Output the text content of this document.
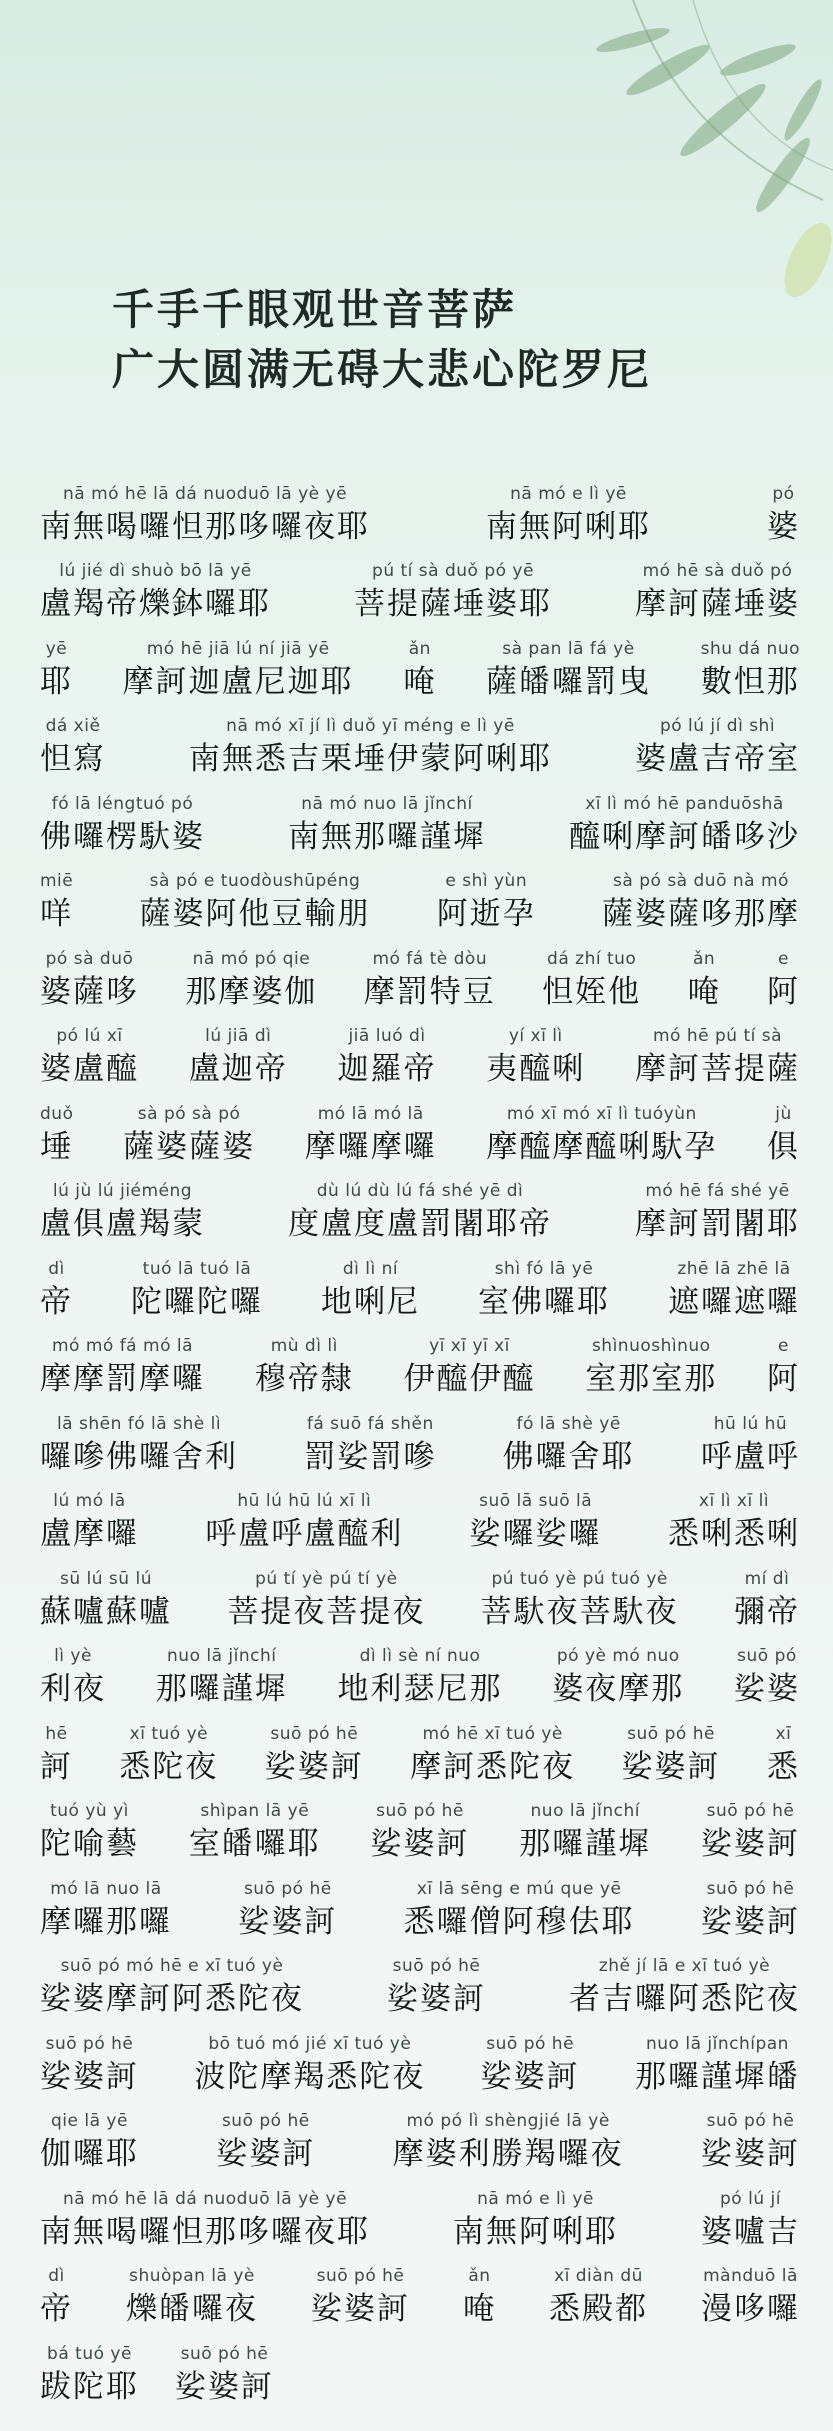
千手千眼观世音菩萨
广大圆满无碍大悲心陀罗尼
nā mó hē lā dá nuoduō lā yè yē
南無喝囉怛那哆囉夜耶
nā mó e lì yē
南無阿唎耶
pó
婆
lú jié dì shuò bō lā yē
盧羯帝爍鉢囉耶
pú tí sà duǒ pó yē
菩提薩埵婆耶
mó hē sà duǒ pó
摩訶薩埵婆
yē
耶
mó hē jiā lú ní jiā yē
摩訶迦盧尼迦耶
ǎn
唵
sà pan lā fá yè
薩皤囉罰曳
shu dá nuo
數怛那
dá xiě
怛寫
nā mó xī jí lì duǒ yī méng e lì yē
南無悉吉栗埵伊蒙阿唎耶
pó lú jí dì shì
婆盧吉帝室
fó lā léngtuó pó
佛囉楞馱婆
nā mó nuo lā jǐnchí
南無那囉謹墀
xī lì mó hē panduōshā
醯唎摩訶皤哆沙
miē
咩
sà pó e tuodòushūpéng
薩婆阿他豆輸朋
e shì yùn
阿逝孕
sà pó sà duō nà mó
薩婆薩哆那摩
pó sà duō
婆薩哆
nā mó pó qie
那摩婆伽
mó fá tè dòu
摩罰特豆
dá zhí tuo
怛姪他
ǎn
唵
e
阿
pó lú xī
婆盧醯
lú jiā dì
盧迦帝
jiā luó dì
迦羅帝
yí xī lì
夷醯唎
mó hē pú tí sà
摩訶菩提薩
duǒ
埵
sà pó sà pó
薩婆薩婆
mó lā mó lā
摩囉摩囉
mó xī mó xī lì tuóyùn
摩醯摩醯唎馱孕
jù
俱
lú jù lú jiéméng
盧俱盧羯蒙
dù lú dù lú fá shé yē dì
度盧度盧罰闍耶帝
mó hē fá shé yē
摩訶罰闍耶
dì
帝
tuó lā tuó lā
陀囉陀囉
dì lì ní
地唎尼
shì fó lā yē
室佛囉耶
zhē lā zhē lā
遮囉遮囉
mó mó fá mó lā
摩摩罰摩囉
mù dì lì
穆帝隸
yī xī yī xī
伊醯伊醯
shìnuoshìnuo
室那室那
e
阿
lā shēn fó lā shè lì
囉嘇佛囉舍利
fá suō fá shěn
罰娑罰嘇
fó lā shè yē
佛囉舍耶
hū lú hū
呼盧呼
lú mó lā
盧摩囉
hū lú hū lú xī lì
呼盧呼盧醯利
suō lā suō lā
娑囉娑囉
xī lì xī lì
悉唎悉唎
sū lú sū lú
蘇嚧蘇嚧
pú tí yè pú tí yè
菩提夜菩提夜
pú tuó yè pú tuó yè
菩馱夜菩馱夜
mí dì
彌帝
lì yè
利夜
nuo lā jǐnchí
那囉謹墀
dì lì sè ní nuo
地利瑟尼那
pó yè mó nuo
婆夜摩那
suō pó
娑婆
hē
訶
xī tuó yè
悉陀夜
suō pó hē
娑婆訶
mó hē xī tuó yè
摩訶悉陀夜
suō pó hē
娑婆訶
xī
悉
tuó yù yì
陀喻藝
shìpan lā yē
室皤囉耶
suō pó hē
娑婆訶
nuo lā jǐnchí
那囉謹墀
suō pó hē
娑婆訶
mó lā nuo lā
摩囉那囉
suō pó hē
娑婆訶
xī lā sēng e mú que yē
悉囉僧阿穆佉耶
suō pó hē
娑婆訶
suō pó mó hē e xī tuó yè
娑婆摩訶阿悉陀夜
suō pó hē
娑婆訶
zhě jí lā e xī tuó yè
者吉囉阿悉陀夜
suō pó hē
娑婆訶
bō tuó mó jié xī tuó yè
波陀摩羯悉陀夜
suō pó hē
娑婆訶
nuo lā jǐnchípan
那囉謹墀皤
qie lā yē
伽囉耶
suō pó hē
娑婆訶
mó pó lì shèngjié lā yè
摩婆利勝羯囉夜
suō pó hē
娑婆訶
nā mó hē lā dá nuoduō lā yè yē
南無喝囉怛那哆囉夜耶
nā mó e lì yē
南無阿唎耶
pó lú jí
婆嚧吉
dì
帝
shuòpan lā yè
爍皤囉夜
suō pó hē
娑婆訶
ǎn
唵
xī diàn dū
悉殿都
mànduō lā
漫哆囉
bá tuó yē
跋陀耶
suō pó hē
娑婆訶
